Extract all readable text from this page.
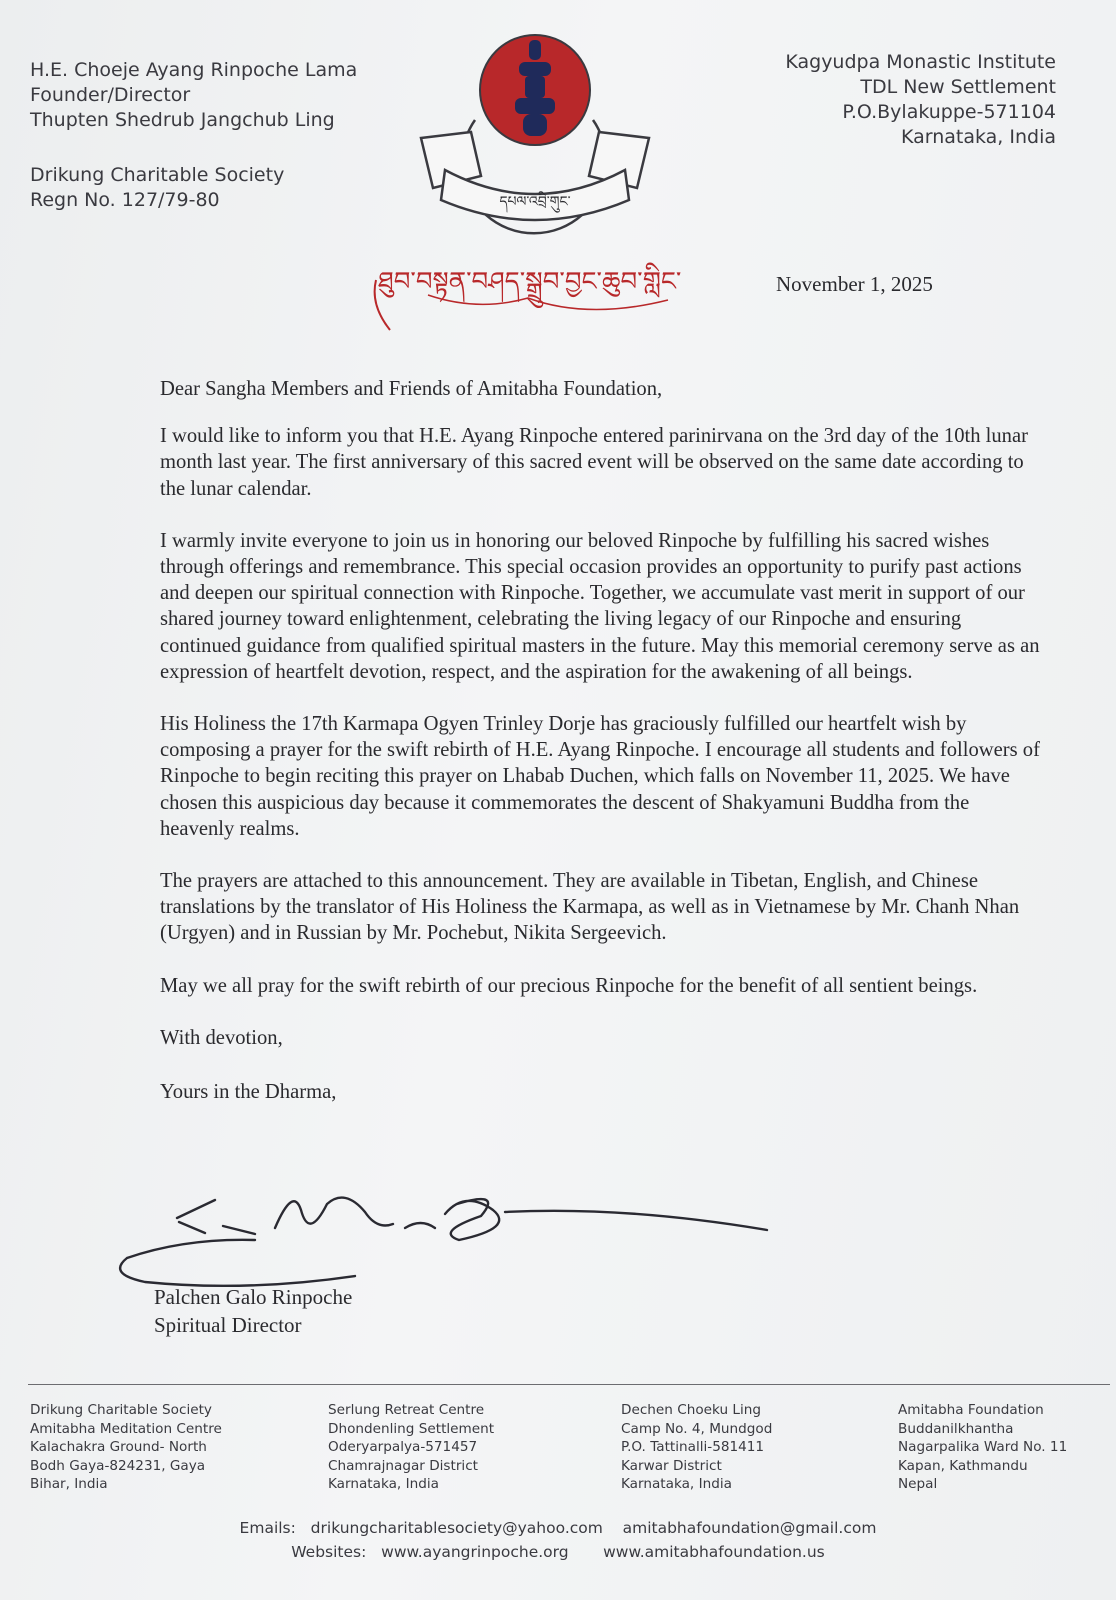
H.E. Choeje Ayang Rinpoche Lama
Founder/Director
Thupten Shedrub Jangchub Ling
Drikung Charitable Society
Regn No. 127/79-80
Kagyudpa Monastic Institute
TDL New Settlement
P.O.Bylakuppe-571104
Karnataka, India
དཔལ་འབྲི་གུང་
ཐུབ་བསྟན་བཤད་སྒྲུབ་བྱང་ཆུབ་གླིང་	November 1, 2025

Dear Sangha Members and Friends of Amitabha Foundation,

I would like to inform you that H.E. Ayang Rinpoche entered parinirvana on the 3rd day of the 10th lunar month last year. The first anniversary of this sacred event will be observed on the same date according to the lunar calendar.

I warmly invite everyone to join us in honoring our beloved Rinpoche by fulfilling his sacred wishes through offerings and remembrance. This special occasion provides an opportunity to purify past actions and deepen our spiritual connection with Rinpoche. Together, we accumulate vast merit in support of our shared journey toward enlightenment, celebrating the living legacy of our Rinpoche and ensuring continued guidance from qualified spiritual masters in the future. May this memorial ceremony serve as an expression of heartfelt devotion, respect, and the aspiration for the awakening of all beings.

His Holiness the 17th Karmapa Ogyen Trinley Dorje has graciously fulfilled our heartfelt wish by composing a prayer for the swift rebirth of H.E. Ayang Rinpoche. I encourage all students and followers of Rinpoche to begin reciting this prayer on Lhabab Duchen, which falls on November 11, 2025. We have chosen this auspicious day because it commemorates the descent of Shakyamuni Buddha from the heavenly realms.

The prayers are attached to this announcement. They are available in Tibetan, English, and Chinese translations by the translator of His Holiness the Karmapa, as well as in Vietnamese by Mr. Chanh Nhan (Urgyen) and in Russian by Mr. Pochebut, Nikita Sergeevich.

May we all pray for the swift rebirth of our precious Rinpoche for the benefit of all sentient beings.

With devotion,

Yours in the Dharma,

Palchen Galo Rinpoche
Spiritual Director
Drikung Charitable Society
Amitabha Meditation Centre
Kalachakra Ground- North
Bodh Gaya-824231, Gaya
Bihar, India
Serlung Retreat Centre
Dhondenling Settlement
Oderyarpalya-571457
Chamrajnagar District
Karnataka, India
Dechen Choeku Ling
Camp No. 4, Mundgod
P.O. Tattinalli-581411
Karwar District
Karnataka, India
Amitabha Foundation
Buddanilkhantha
Nagarpalika Ward No. 11
Kapan, Kathmandu
Nepal
Emails: drikungcharitablesociety@yahoo.com amitabhafoundation@gmail.com
Websites: www.ayangrinpoche.org www.amitabhafoundation.us
